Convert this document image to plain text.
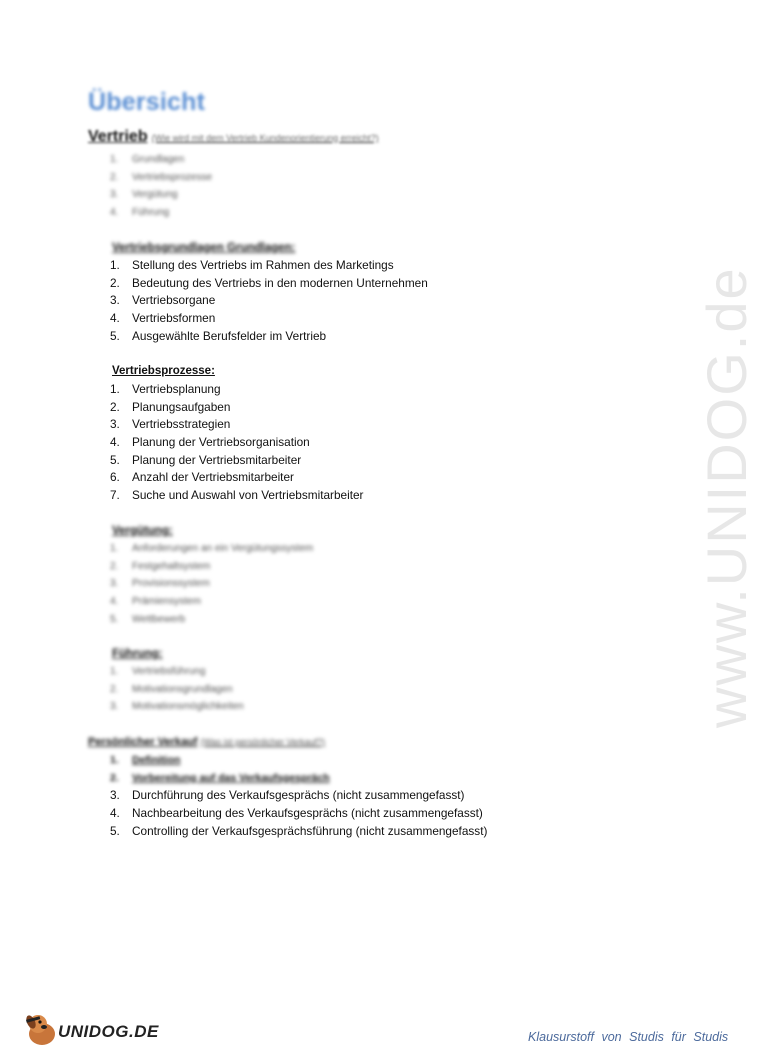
www.UNIDOG.de
Übersicht
Vertrieb (Wie wird mit dem Vertrieb Kundenorientierung erreicht?)
1. Grundlagen
2. Vertriebsprozesse
3. Vergütung
4. Führung
Vertriebsgrundlagen Grundlagen:
1. Stellung des Vertriebs im Rahmen des Marketings
2. Bedeutung des Vertriebs in den modernen Unternehmen
3. Vertriebsorgane
4. Vertriebsformen
5. Ausgewählte Berufsfelder im Vertrieb
Vertriebsprozesse:
1. Vertriebsplanung
2. Planungsaufgaben
3. Vertriebsstrategien
4. Planung der Vertriebsorganisation
5. Planung der Vertriebsmitarbeiter
6. Anzahl der Vertriebsmitarbeiter
7. Suche und Auswahl von Vertriebsmitarbeiter
Vergütung:
1. Anforderungen an ein Vergütungssystem
2. Festgehaltsystem
3. Provisionssystem
4. Prämiensystem
5. Wettbewerb
Führung:
1. Vertriebsführung
2. Motivationsgrundlagen
3. Motivationsmöglichkeiten
Persönlicher Verkauf (Was ist persönlicher Verkauf?)
1. Definition
2. Vorbereitung auf das Verkaufsgespräch
3. Durchführung des Verkaufsgesprächs (nicht zusammengefasst)
4. Nachbearbeitung des Verkaufsgesprächs (nicht zusammengefasst)
5. Controlling der Verkaufsgesprächsführung (nicht zusammengefasst)
UNIDOG.DE	Klausurstoff von Studis für Studis
